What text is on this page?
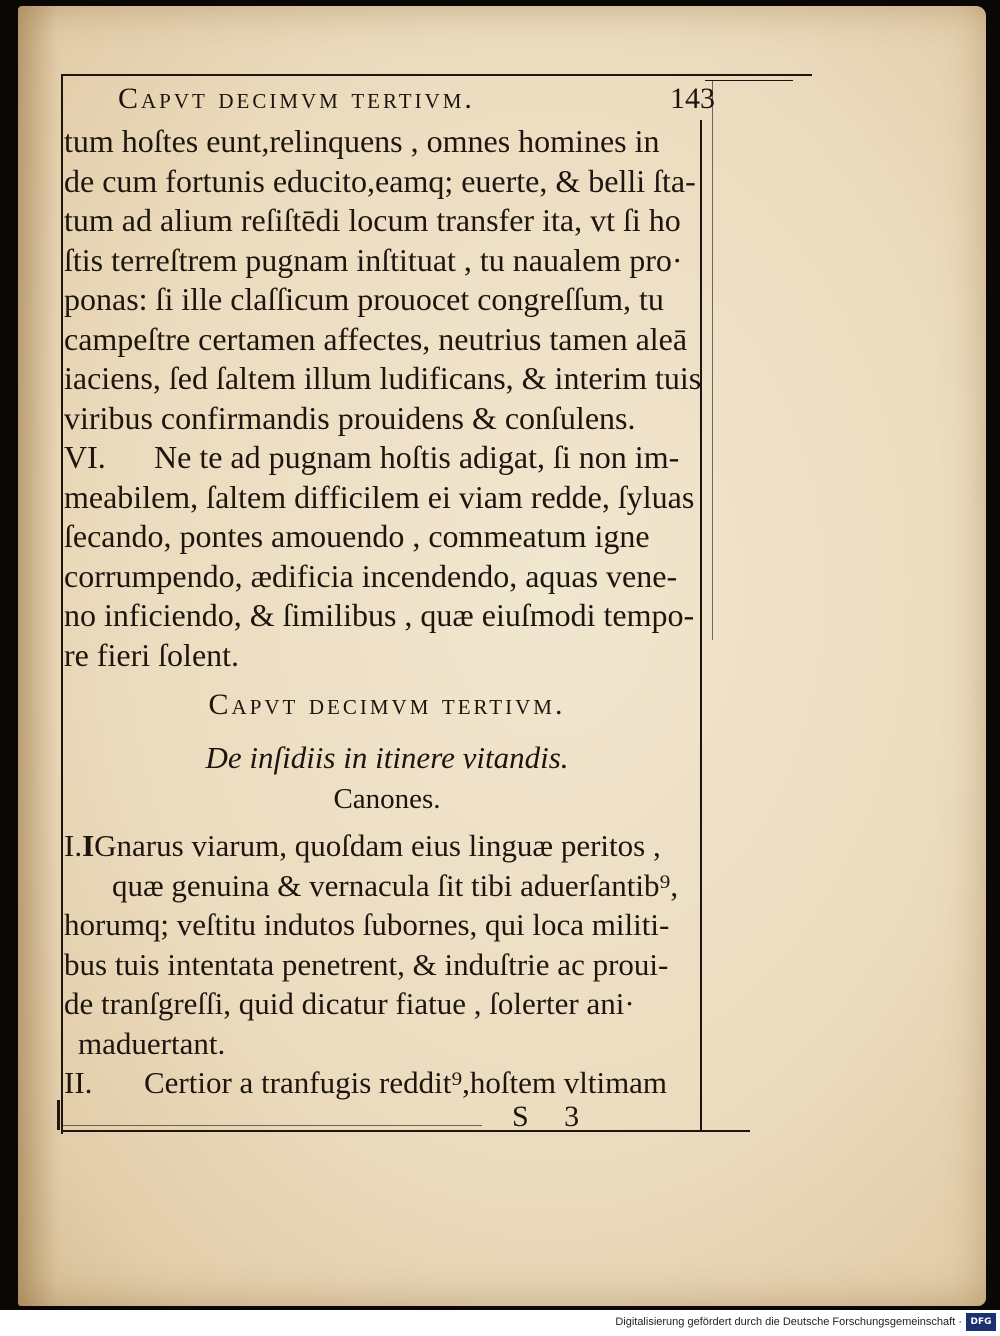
Capvt decimvm tertivm.	143
tum hoſtes eunt,relinquens , omnes homines in
de cum fortunis educito,eamq; euerte, & belli ſta-
tum ad alium reſiſtēdi locum transfer ita, vt ſi ho
ſtis terreſtrem pugnam inſtituat , tu naualem pro·
ponas: ſi ille claſſicum prouocet congreſſum, tu
campeſtre certamen affectes, neutrius tamen aleā
iaciens, ſed ſaltem illum ludificans, & interim tuis
viribus confirmandis prouidens & conſulens.
VI. Ne te ad pugnam hoſtis adigat, ſi non im-
meabilem, ſaltem difficilem ei viam redde, ſyluas
ſecando, pontes amouendo , commeatum igne
corrumpendo, ædificia incendendo, aquas vene-
no inficiendo, & ſimilibus , quæ eiuſmodi tempo-
re fieri ſolent.
Capvt decimvm tertivm.
De inſidiis in itinere vitandis.
Canones.
I.IGnarus viarum, quoſdam eius linguæ peritos ,
quæ genuina & vernacula ſit tibi aduerſantib⁹,
horumq; veſtitu indutos ſubornes, qui loca militi-
bus tuis intentata penetrent, & induſtrie ac proui-
de tranſgreſſi, quid dicatur fiatue , ſolerter ani·
maduertant.
II. Certior a tranfugis reddit⁹,hoſtem vltimam
S 3
Digitalisierung gefördert durch die Deutsche Forschungsgemeinschaft · DFG
